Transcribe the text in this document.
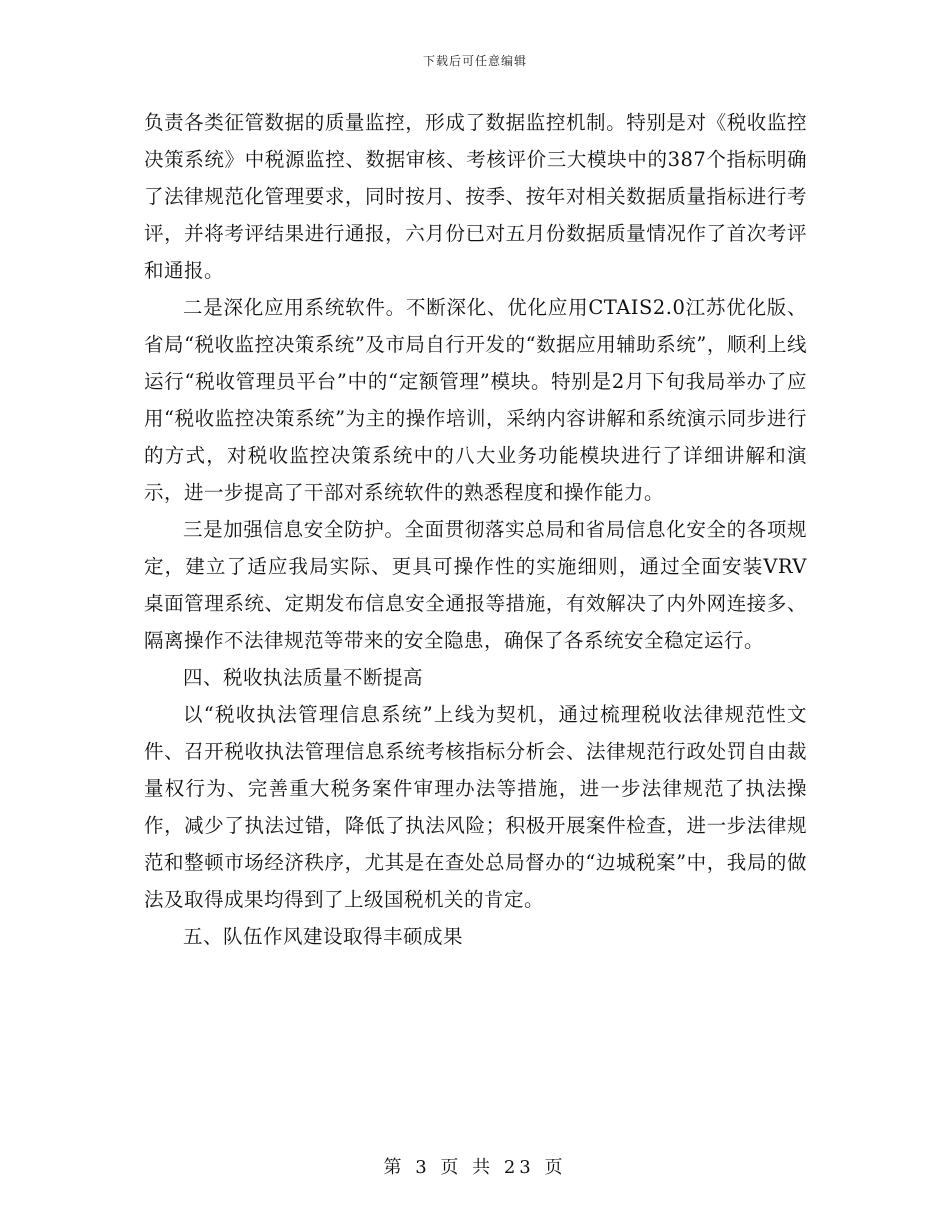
下载后可任意编辑

负责各类征管数据的质量监控，形成了数据监控机制。特别是对《税收监控决策系统》中税源监控、数据审核、考核评价三大模块中的387个指标明确了法律规范化管理要求，同时按月、按季、按年对相关数据质量指标进行考评，并将考评结果进行通报，六月份已对五月份数据质量情况作了首次考评和通报。

二是深化应用系统软件。不断深化、优化应用CTAIS2.0江苏优化版、省局“税收监控决策系统”及市局自行开发的“数据应用辅助系统”，顺利上线运行“税收管理员平台”中的“定额管理”模块。特别是2月下旬我局举办了应用“税收监控决策系统”为主的操作培训，采纳内容讲解和系统演示同步进行的方式，对税收监控决策系统中的八大业务功能模块进行了详细讲解和演示，进一步提高了干部对系统软件的熟悉程度和操作能力。

三是加强信息安全防护。全面贯彻落实总局和省局信息化安全的各项规定，建立了适应我局实际、更具可操作性的实施细则，通过全面安装VRV桌面管理系统、定期发布信息安全通报等措施，有效解决了内外网连接多、隔离操作不法律规范等带来的安全隐患，确保了各系统安全稳定运行。

四、税收执法质量不断提高

以“税收执法管理信息系统”上线为契机，通过梳理税收法律规范性文件、召开税收执法管理信息系统考核指标分析会、法律规范行政处罚自由裁量权行为、完善重大税务案件审理办法等措施，进一步法律规范了执法操作，减少了执法过错，降低了执法风险；积极开展案件检查，进一步法律规范和整顿市场经济秩序，尤其是在查处总局督办的“边城税案”中，我局的做法及取得成果均得到了上级国税机关的肯定。

五、队伍作风建设取得丰硕成果

第 3 页 共 23 页
